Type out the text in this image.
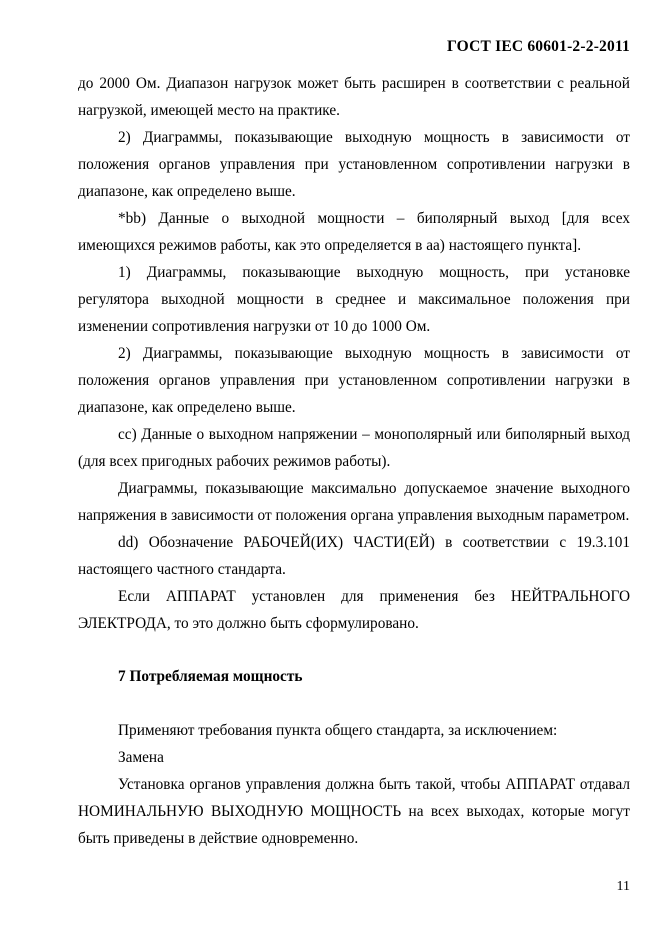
ГОСТ IEC 60601-2-2-2011

до 2000 Ом. Диапазон нагрузок может быть расширен в соответствии с реальной нагрузкой, имеющей место на практике.

2) Диаграммы, показывающие выходную мощность в зависимости от положения органов управления при установленном сопротивлении нагрузки в диапазоне, как определено выше.

*bb) Данные о выходной мощности – биполярный выход [для всех имеющихся режимов работы, как это определяется в aa) настоящего пункта].

1) Диаграммы, показывающие выходную мощность, при установке регулятора выходной мощности в среднее и максимальное положения при изменении сопротивления нагрузки от 10 до 1000 Ом.

2) Диаграммы, показывающие выходную мощность в зависимости от положения органов управления при установленном сопротивлении нагрузки в диапазоне, как определено выше.

cc) Данные о выходном напряжении – монополярный или биполярный выход (для всех пригодных рабочих режимов работы).

Диаграммы, показывающие максимально допускаемое значение выходного напряжения в зависимости от положения органа управления выходным параметром.

dd) Обозначение РАБОЧЕЙ(ИХ) ЧАСТИ(ЕЙ) в соответствии с 19.3.101 настоящего частного стандарта.

Если АППАРАТ установлен для применения без НЕЙТРАЛЬНОГО ЭЛЕКТРОДА, то это должно быть сформулировано.

7 Потребляемая мощность

Применяют требования пункта общего стандарта, за исключением:

Замена

Установка органов управления должна быть такой, чтобы АППАРАТ отдавал НОМИНАЛЬНУЮ ВЫХОДНУЮ МОЩНОСТЬ на всех выходах, которые могут быть приведены в действие одновременно.

11
